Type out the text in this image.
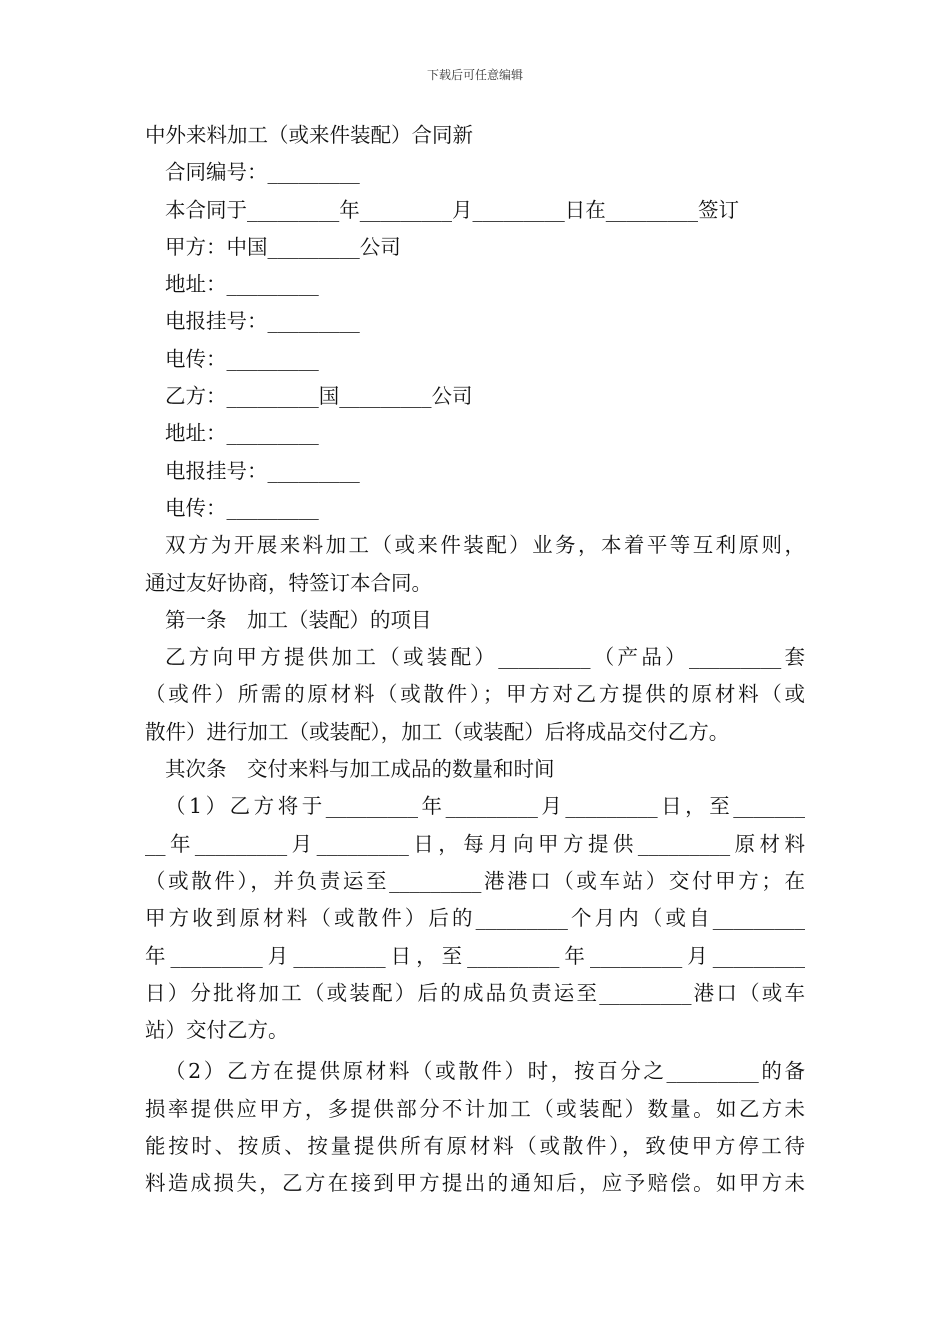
下载后可任意编辑
中外来料加工（或来件装配）合同新
合同编号：_________
本合同于_________年_________月_________日在_________签订
甲方：中国_________公司
地址：_________
电报挂号：_________
电传：_________
乙方：_________国_________公司
地址：_________
电报挂号：_________
电传：_________
双方为开展来料加工（或来件装配）业务，本着平等互利原则，
通过友好协商，特签订本合同。
第一条　加工（装配）的项目
乙方向甲方提供加工（或装配）_________（产品）_________套
（或件）所需的原材料（或散件）；甲方对乙方提供的原材料（或
散件）进行加工（或装配），加工（或装配）后将成品交付乙方。
其次条　交付来料与加工成品的数量和时间
（1）乙方将于_________年_________月_________日，至_______
__年_________月_________日，每月向甲方提供_________原材料
（或散件），并负责运至_________港港口（或车站）交付甲方；在
甲方收到原材料（或散件）后的_________个月内（或自_________
年_________月_________日，至_________年_________月_________
日）分批将加工（或装配）后的成品负责运至_________港口（或车
站）交付乙方。
（2）乙方在提供原材料（或散件）时，按百分之_________的备
损率提供应甲方，多提供部分不计加工（或装配）数量。如乙方未
能按时、按质、按量提供所有原材料（或散件），致使甲方停工待
料造成损失，乙方在接到甲方提出的通知后，应予赔偿。如甲方未
